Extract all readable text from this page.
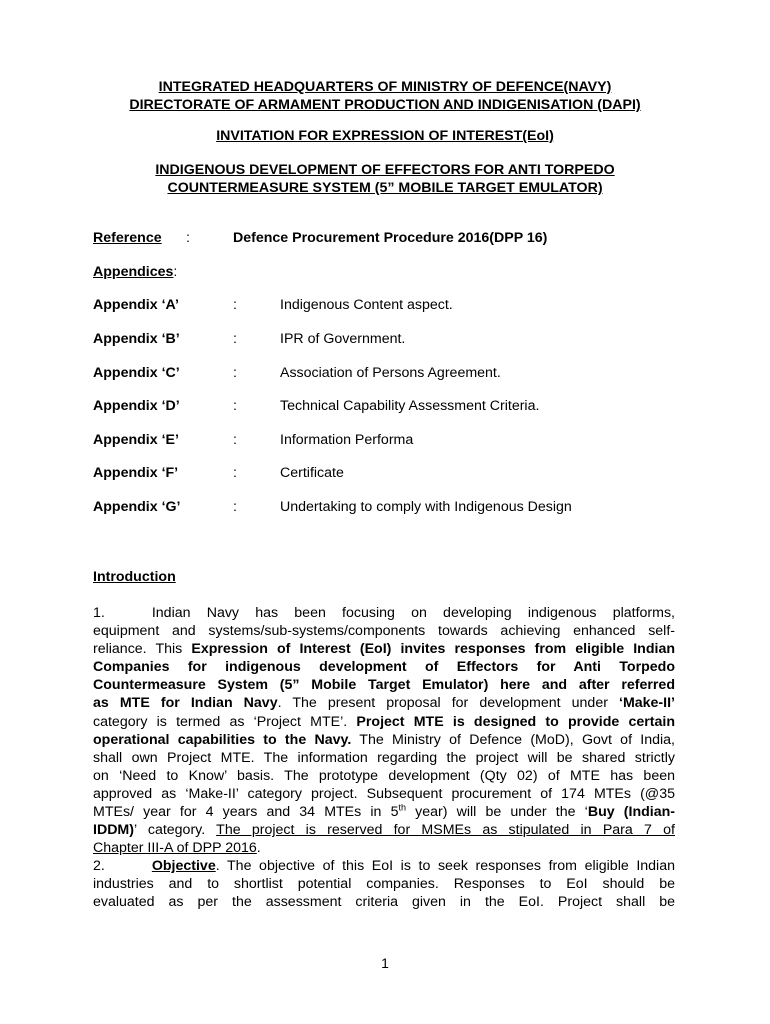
INTEGRATED HEADQUARTERS OF MINISTRY OF DEFENCE(NAVY)
DIRECTORATE OF ARMAMENT PRODUCTION AND INDIGENISATION (DAPI)
INVITATION FOR EXPRESSION OF INTEREST(EoI)
INDIGENOUS DEVELOPMENT OF EFFECTORS FOR ANTI TORPEDO
COUNTERMEASURE SYSTEM (5” MOBILE TARGET EMULATOR)
Reference :	Defence Procurement Procedure 2016(DPP 16)
Appendices:
Appendix ‘A’	:	Indigenous Content aspect.
Appendix ‘B’	:	IPR of Government.
Appendix ‘C’	:	Association of Persons Agreement.
Appendix ‘D’	:	Technical Capability Assessment Criteria.
Appendix ‘E’	:	Information Performa
Appendix ‘F’	:	Certificate
Appendix ‘G’	:	Undertaking to comply with Indigenous Design
Introduction
1.	Indian Navy has been focusing on developing indigenous platforms,
equipment and systems/sub-systems/components towards achieving enhanced self-
reliance. This Expression of Interest (EoI) invites responses from eligible Indian
Companies for indigenous development of Effectors for Anti Torpedo
Countermeasure System (5” Mobile Target Emulator) here and after referred
as MTE for Indian Navy. The present proposal for development under ‘Make-II’
category is termed as ‘Project MTE’. Project MTE is designed to provide certain
operational capabilities to the Navy. The Ministry of Defence (MoD), Govt of India,
shall own Project MTE. The information regarding the project will be shared strictly
on ‘Need to Know’ basis. The prototype development (Qty 02) of MTE has been
approved as ‘Make-II’ category project. Subsequent procurement of 174 MTEs (@35
MTEs/ year for 4 years and 34 MTEs in 5th year) will be under the ‘Buy (Indian-
IDDM)’ category. The project is reserved for MSMEs as stipulated in Para 7 of
Chapter III-A of DPP 2016.
2.	Objective. The objective of this EoI is to seek responses from eligible Indian
industries and to shortlist potential companies. Responses to EoI should be
evaluated as per the assessment criteria given in the EoI. Project shall be
1
